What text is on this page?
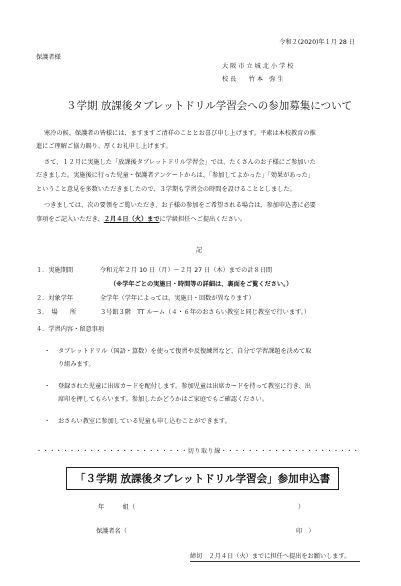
令和２(2020)年１月 28 日
保護者様
大 阪 市 立 城 北 小 学 校
校 長　　竹 本　弥 生
３学期 放課後タブレットドリル学習会への参加募集について
寒冷の候、保護者の皆様には、ますますご清祥のこととお喜び申し上げます。平素は本校教育の推
進にご理解ご協力賜り、厚くお礼申し上げます。
さて、１２月に実施した「放課後タブレットドリル学習会」では、たくさんのお子様にご参加いた
だきました。実施後に行った児童・保護者アンケートからは、「参加してよかった」「効果があった」
ということ意見を多数いただきましたので、３学期も学習会の時間を設けることとしました。
つきましては、次の要領をご覧いただき、お子様の参加をご希望される場合は、参加申込書に必要
事項をご記入いただき、２月４日（火）までに学級担任へご提出ください。
記
１．実施期間	令和元年２月 10 日（月）～２月 27 日（木）までの計８日間
（※学年ごとの実施日・時間等の詳細は、裏面をご覧ください。）
２．対象学年	全学年（学年によっては、実施日・回数が異なります）
３．　場　　所	３号館３階　TT ルーム（４・６年のおさらい教室と同じ教室で行います。）
４．学習内容・留意事項
・ タブレットドリル（国語・算数）を使って復習や反復練習など、自分で学習課題を決めて取
り組みます。
・ 登録された児童に出席カードを配付します。参加児童は出席カードを持って教室に行き、出
席印を押してもらいます。参加したかどうかはご家庭でもご確認ください。
・ おさらい教室に参加している児童も申し込むことができます。
・・・・・・・・・・・・・・・・・・・・・・・切り取り線・・・・・・・・・・・・・・・・・・・・・
「３学期 放課後タブレットドリル学習会」参加申込書
年　　　組（	）
保護者名（	印　）
締切　２月４日（火）までに担任へ提出をお願いします。
